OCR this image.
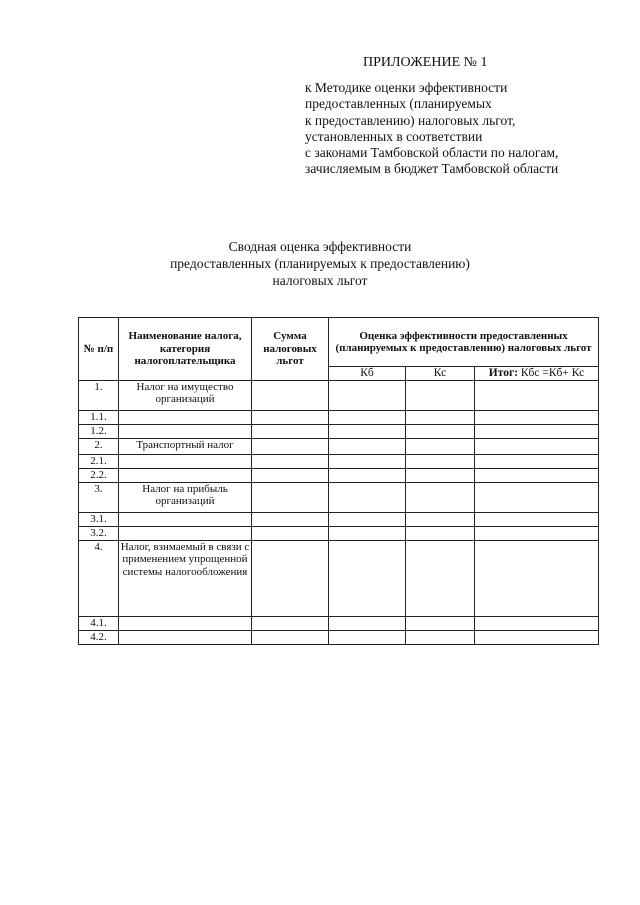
ПРИЛОЖЕНИЕ № 1
к Методике оценки эффективности
предоставленных (планируемых
к предоставлению) налоговых льгот,
установленных в соответствии
с законами Тамбовской области по налогам,
зачисляемым в бюджет Тамбовской области
Сводная оценка эффективности
предоставленных (планируемых к предоставлению)
налоговых льгот
№ п/п	Наименование налога, категория налогоплательщика	Сумма налоговых льгот	Оценка эффективности предоставленных (планируемых к предоставлению) налоговых льгот		
			Кб	Кс	Итог: Кбс =Кб+ Кс
1.	Налог на имущество организаций				
1.1.					
1.2.					
2.	Транспортный налог				
2.1.					
2.2.					
3.	Налог на прибыль организаций				
3.1.					
3.2.					
4.	Налог, взимаемый в связи с применением упрощенной системы налогообложения				
4.1.					
4.2.					
